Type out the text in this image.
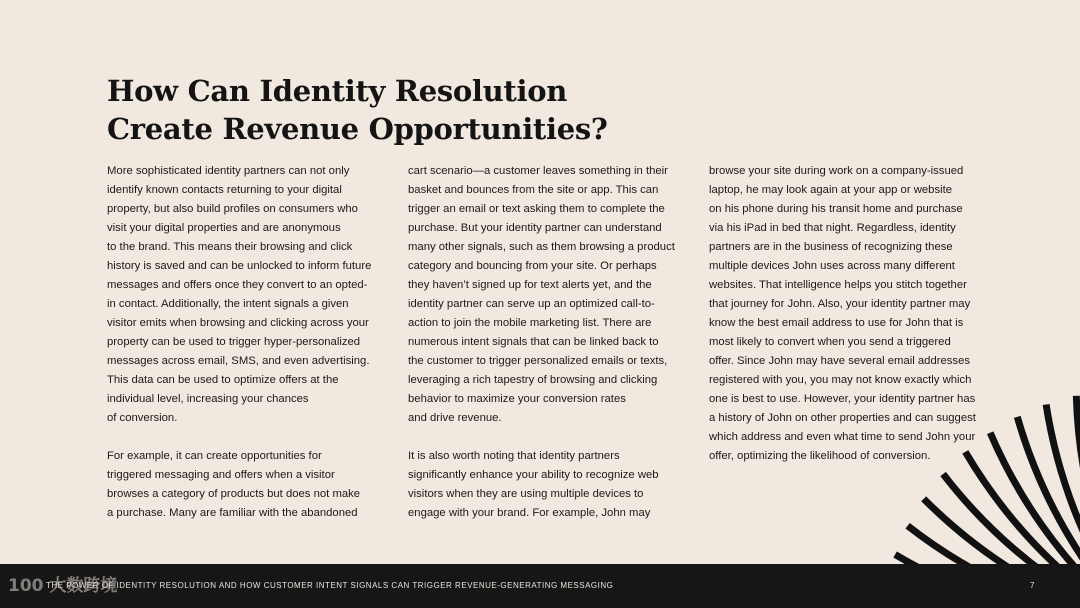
How Can Identity Resolution
Create Revenue Opportunities?

More sophisticated identity partners can not only
identify known contacts returning to your digital
property, but also build profiles on consumers who
visit your digital properties and are anonymous
to the brand. This means their browsing and click
history is saved and can be unlocked to inform future
messages and offers once they convert to an opted-
in contact. Additionally, the intent signals a given
visitor emits when browsing and clicking across your
property can be used to trigger hyper-personalized
messages across email, SMS, and even advertising.
This data can be used to optimize offers at the
individual level, increasing your chances
of conversion.

For example, it can create opportunities for
triggered messaging and offers when a visitor
browses a category of products but does not make
a purchase. Many are familiar with the abandoned

cart scenario—a customer leaves something in their
basket and bounces from the site or app. This can
trigger an email or text asking them to complete the
purchase. But your identity partner can understand
many other signals, such as them browsing a product
category and bouncing from your site. Or perhaps
they haven’t signed up for text alerts yet, and the
identity partner can serve up an optimized call-to-
action to join the mobile marketing list. There are
numerous intent signals that can be linked back to
the customer to trigger personalized emails or texts,
leveraging a rich tapestry of browsing and clicking
behavior to maximize your conversion rates
and drive revenue.

It is also worth noting that identity partners
significantly enhance your ability to recognize web
visitors when they are using multiple devices to
engage with your brand. For example, John may

browse your site during work on a company-issued
laptop, he may look again at your app or website
on his phone during his transit home and purchase
via his iPad in bed that night. Regardless, identity
partners are in the business of recognizing these
multiple devices John uses across many different
websites. That intelligence helps you stitch together
that journey for John. Also, your identity partner may
know the best email address to use for John that is
most likely to convert when you send a triggered
offer. Since John may have several email addresses
registered with you, you may not know exactly which
one is best to use. However, your identity partner has
a history of John on other properties and can suggest
which address and even what time to send John your
offer, optimizing the likelihood of conversion.

THE POWER OF IDENTITY RESOLUTION AND HOW CUSTOMER INTENT SIGNALS CAN TRIGGER REVENUE-GENERATING MESSAGING	7
100 大数跨境
